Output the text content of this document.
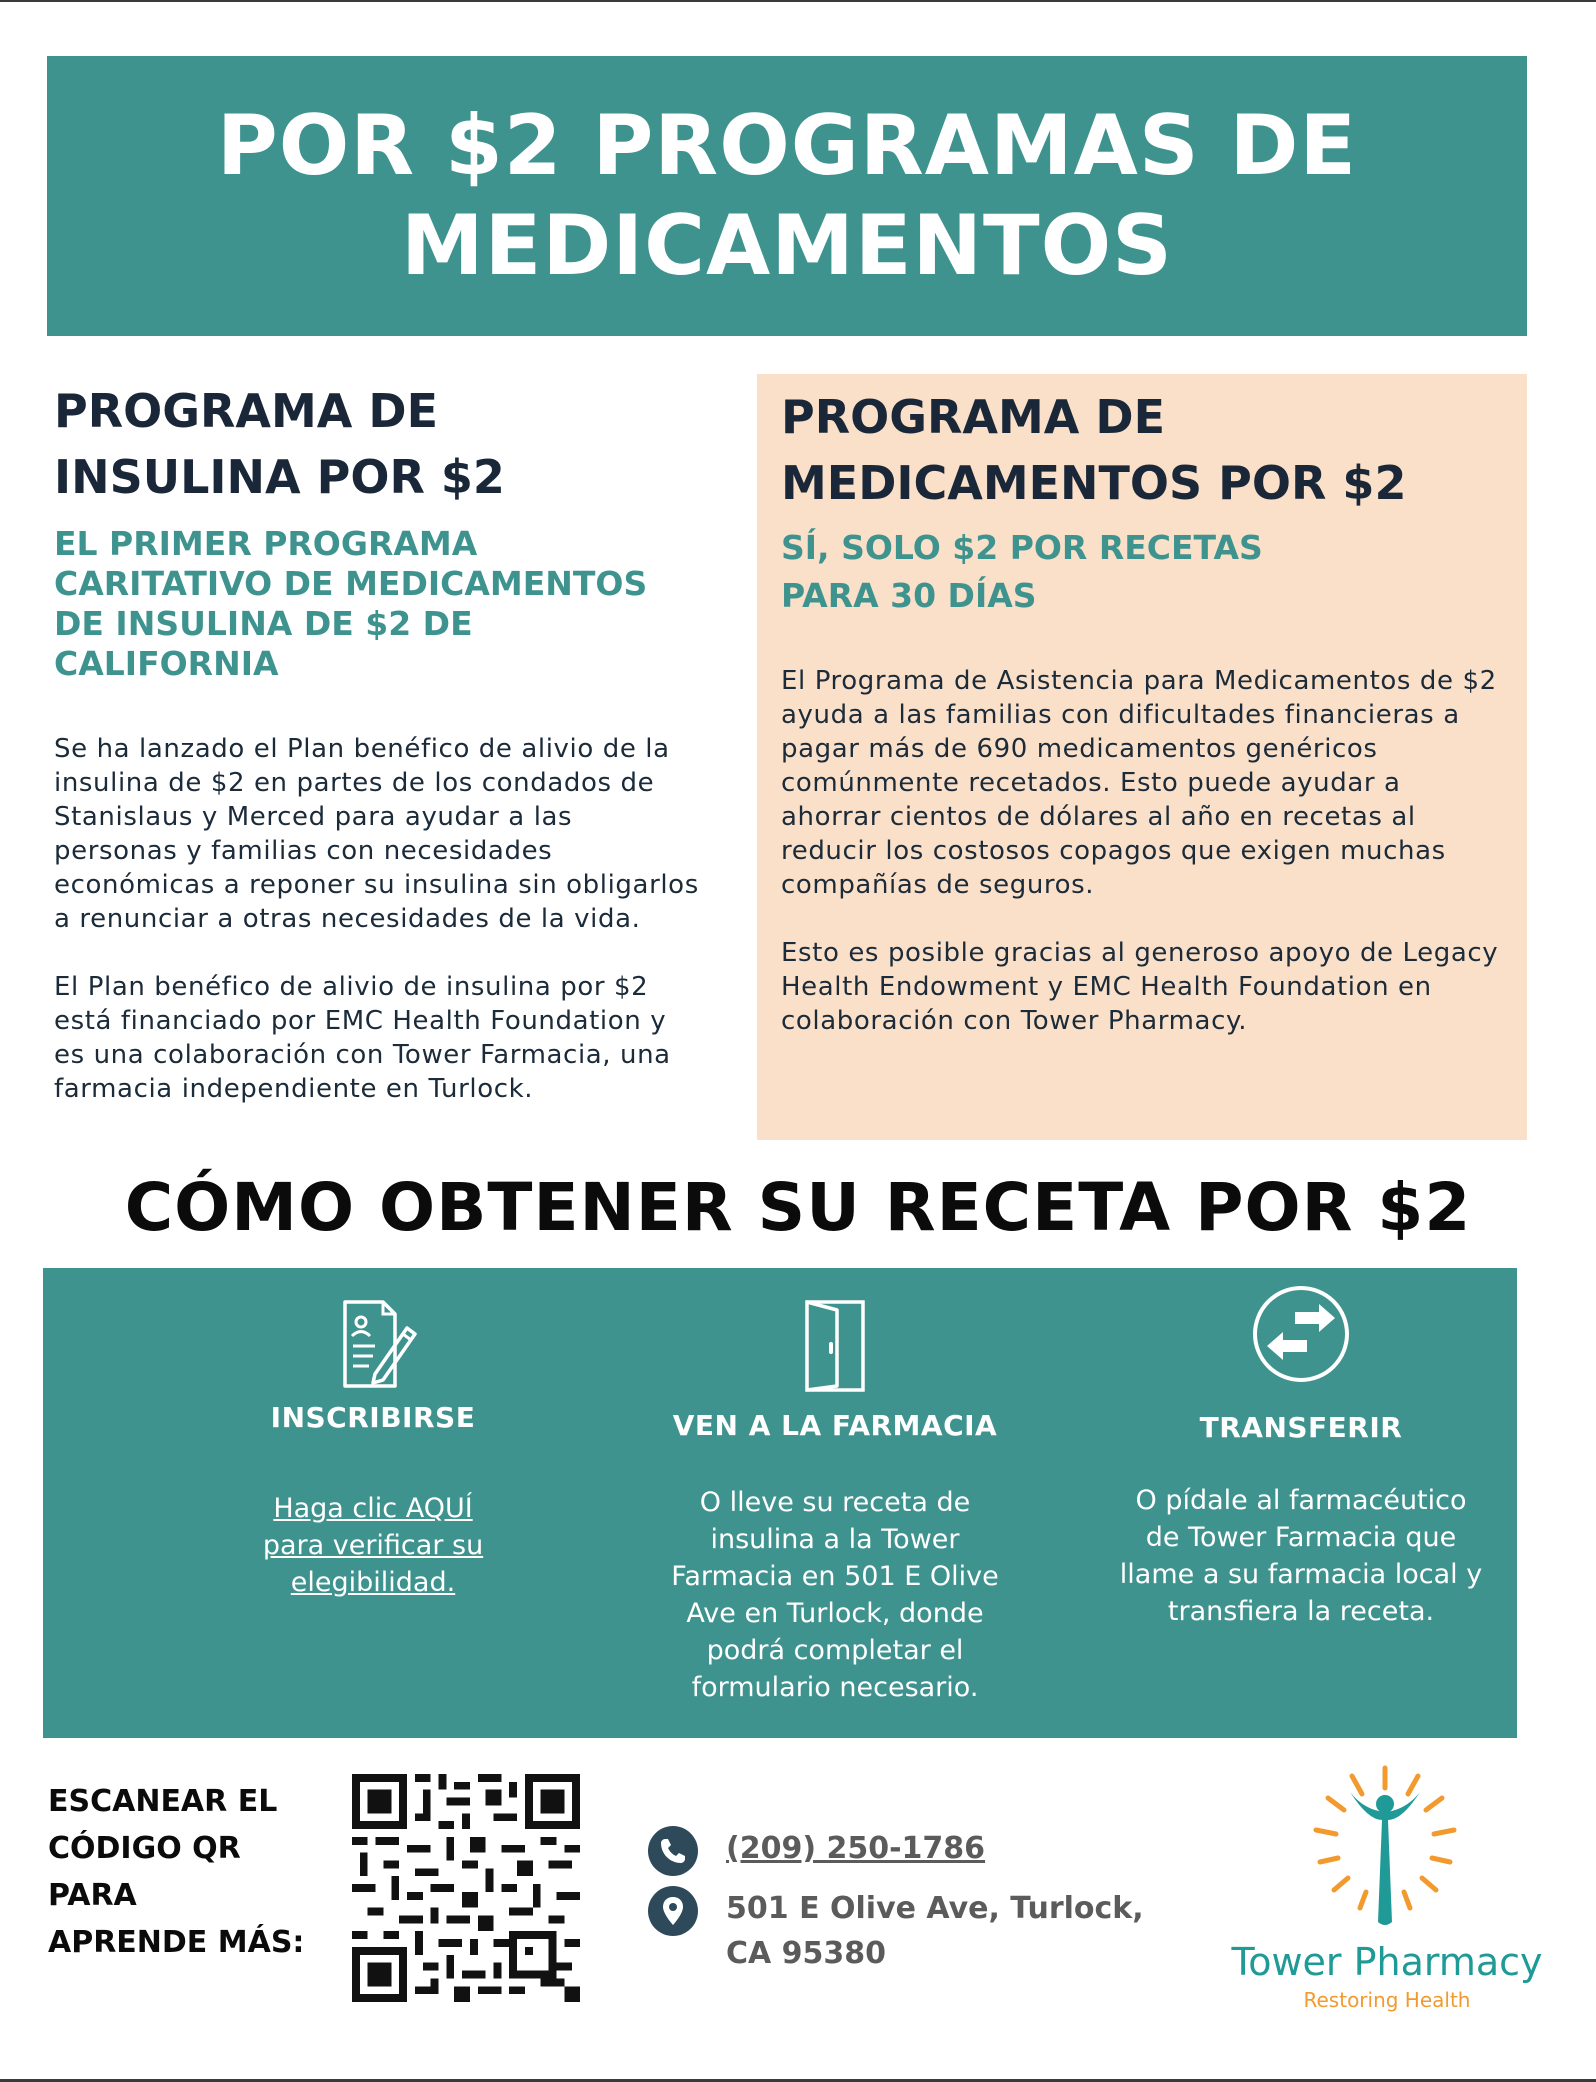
POR $2 PROGRAMAS DE MEDICAMENTOS
PROGRAMA DE
INSULINA POR $2
EL PRIMER PROGRAMA
CARITATIVO DE MEDICAMENTOS
DE INSULINA DE $2 DE CALIFORNIA

Se ha lanzado el Plan benéfico de alivio de la insulina de $2 en partes de los condados de Stanislaus y Merced para ayudar a las personas y familias con necesidades económicas a reponer su insulina sin obligarlos a renunciar a otras necesidades de la vida.

El Plan benéfico de alivio de insulina por $2 está financiado por EMC Health Foundation y es una colaboración con Tower Farmacia, una farmacia independiente en Turlock.

PROGRAMA DE
MEDICAMENTOS POR $2
SÍ, SOLO $2 POR RECETAS
PARA 30 DÍAS

El Programa de Asistencia para Medicamentos de $2 ayuda a las familias con dificultades financieras a pagar más de 690 medicamentos genéricos comúnmente recetados. Esto puede ayudar a ahorrar cientos de dólares al año en recetas al reducir los costosos copagos que exigen muchas compañías de seguros.

Esto es posible gracias al generoso apoyo de Legacy Health Endowment y EMC Health Foundation en colaboración con Tower Pharmacy.

CÓMO OBTENER SU RECETA POR $2
INSCRIBIRSE
Haga clic AQUÍ para verificar su elegibilidad.
VEN A LA FARMACIA
O lleve su receta de insulina a la Tower Farmacia en 501 E Olive Ave en Turlock, donde podrá completar el formulario necesario.
TRANSFERIR
O pídale al farmacéutico de Tower Farmacia que llame a su farmacia local y transfiera la receta.
ESCANEAR EL
CÓDIGO QR
PARA
APRENDE MÁS:
(209) 250-1786
501 E Olive Ave, Turlock,
CA 95380	Tower Pharmacy
Restoring Health
